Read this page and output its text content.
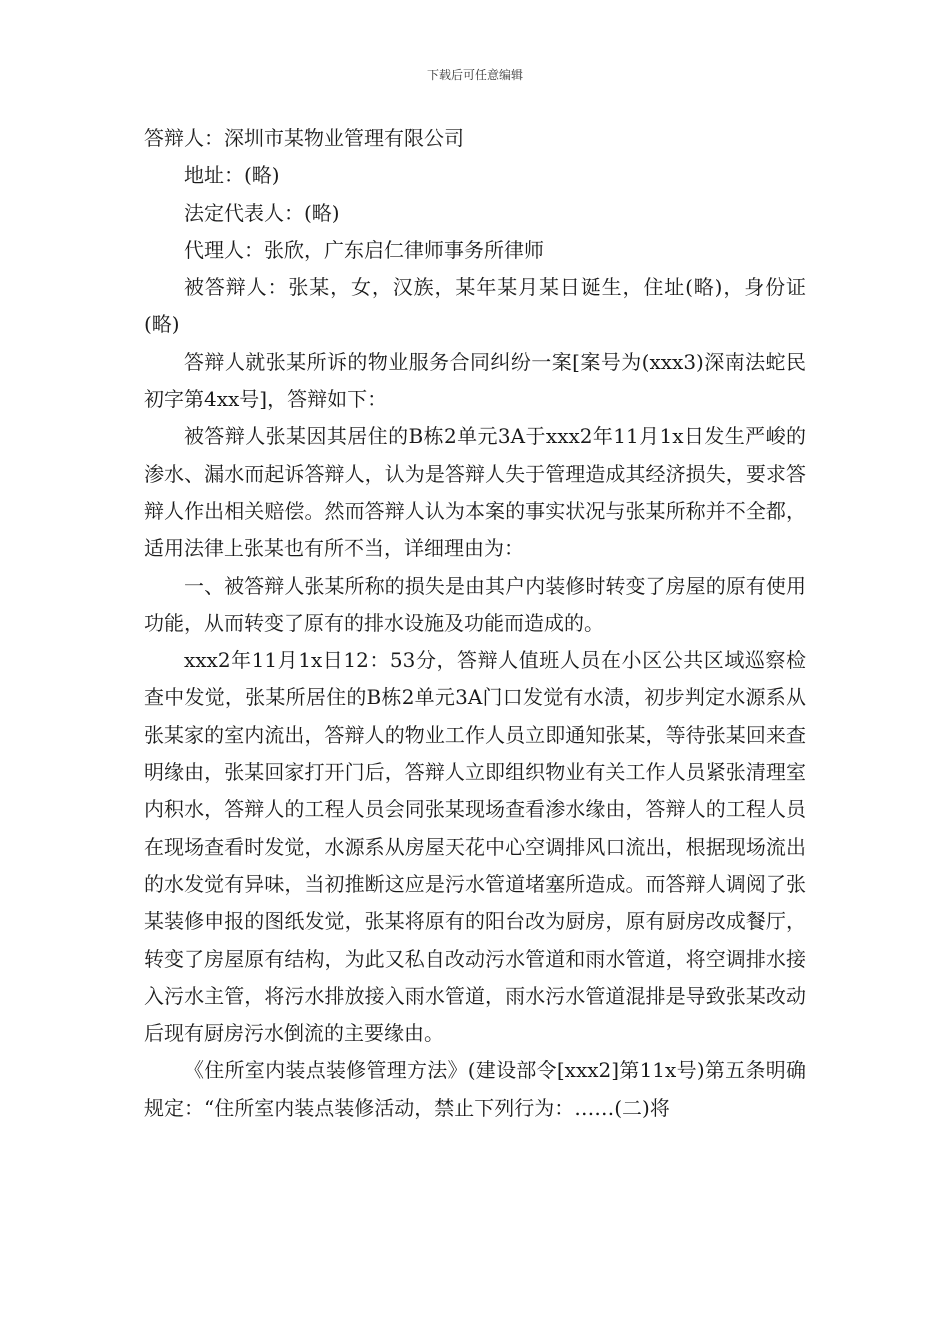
下载后可任意编辑

答辩人：深圳市某物业管理有限公司

地址：(略)

法定代表人：(略)

代理人：张欣，广东启仁律师事务所律师

被答辩人：张某，女，汉族，某年某月某日诞生，住址(略)，身份证(略)

答辩人就张某所诉的物业服务合同纠纷一案[案号为(xxx3)深南法蛇民初字第4xx号]，答辩如下：

被答辩人张某因其居住的B栋2单元3A于xxx2年11月1x日发生严峻的渗水、漏水而起诉答辩人，认为是答辩人失于管理造成其经济损失，要求答辩人作出相关赔偿。然而答辩人认为本案的事实状况与张某所称并不全都，适用法律上张某也有所不当，详细理由为：

一、被答辩人张某所称的损失是由其户内装修时转变了房屋的原有使用功能，从而转变了原有的排水设施及功能而造成的。

xxx2年11月1x日12：53分，答辩人值班人员在小区公共区域巡察检查中发觉，张某所居住的B栋2单元3A门口发觉有水渍，初步判定水源系从张某家的室内流出，答辩人的物业工作人员立即通知张某，等待张某回来查明缘由，张某回家打开门后，答辩人立即组织物业有关工作人员紧张清理室内积水，答辩人的工程人员会同张某现场查看渗水缘由，答辩人的工程人员在现场查看时发觉，水源系从房屋天花中心空调排风口流出，根据现场流出的水发觉有异味，当初推断这应是污水管道堵塞所造成。而答辩人调阅了张某装修申报的图纸发觉，张某将原有的阳台改为厨房，原有厨房改成餐厅，转变了房屋原有结构，为此又私自改动污水管道和雨水管道，将空调排水接入污水主管，将污水排放接入雨水管道，雨水污水管道混排是导致张某改动后现有厨房污水倒流的主要缘由。

《住所室内装点装修管理方法》(建设部令[xxx2]第11x号)第五条明确规定：“住所室内装点装修活动，禁止下列行为：……(二)将
